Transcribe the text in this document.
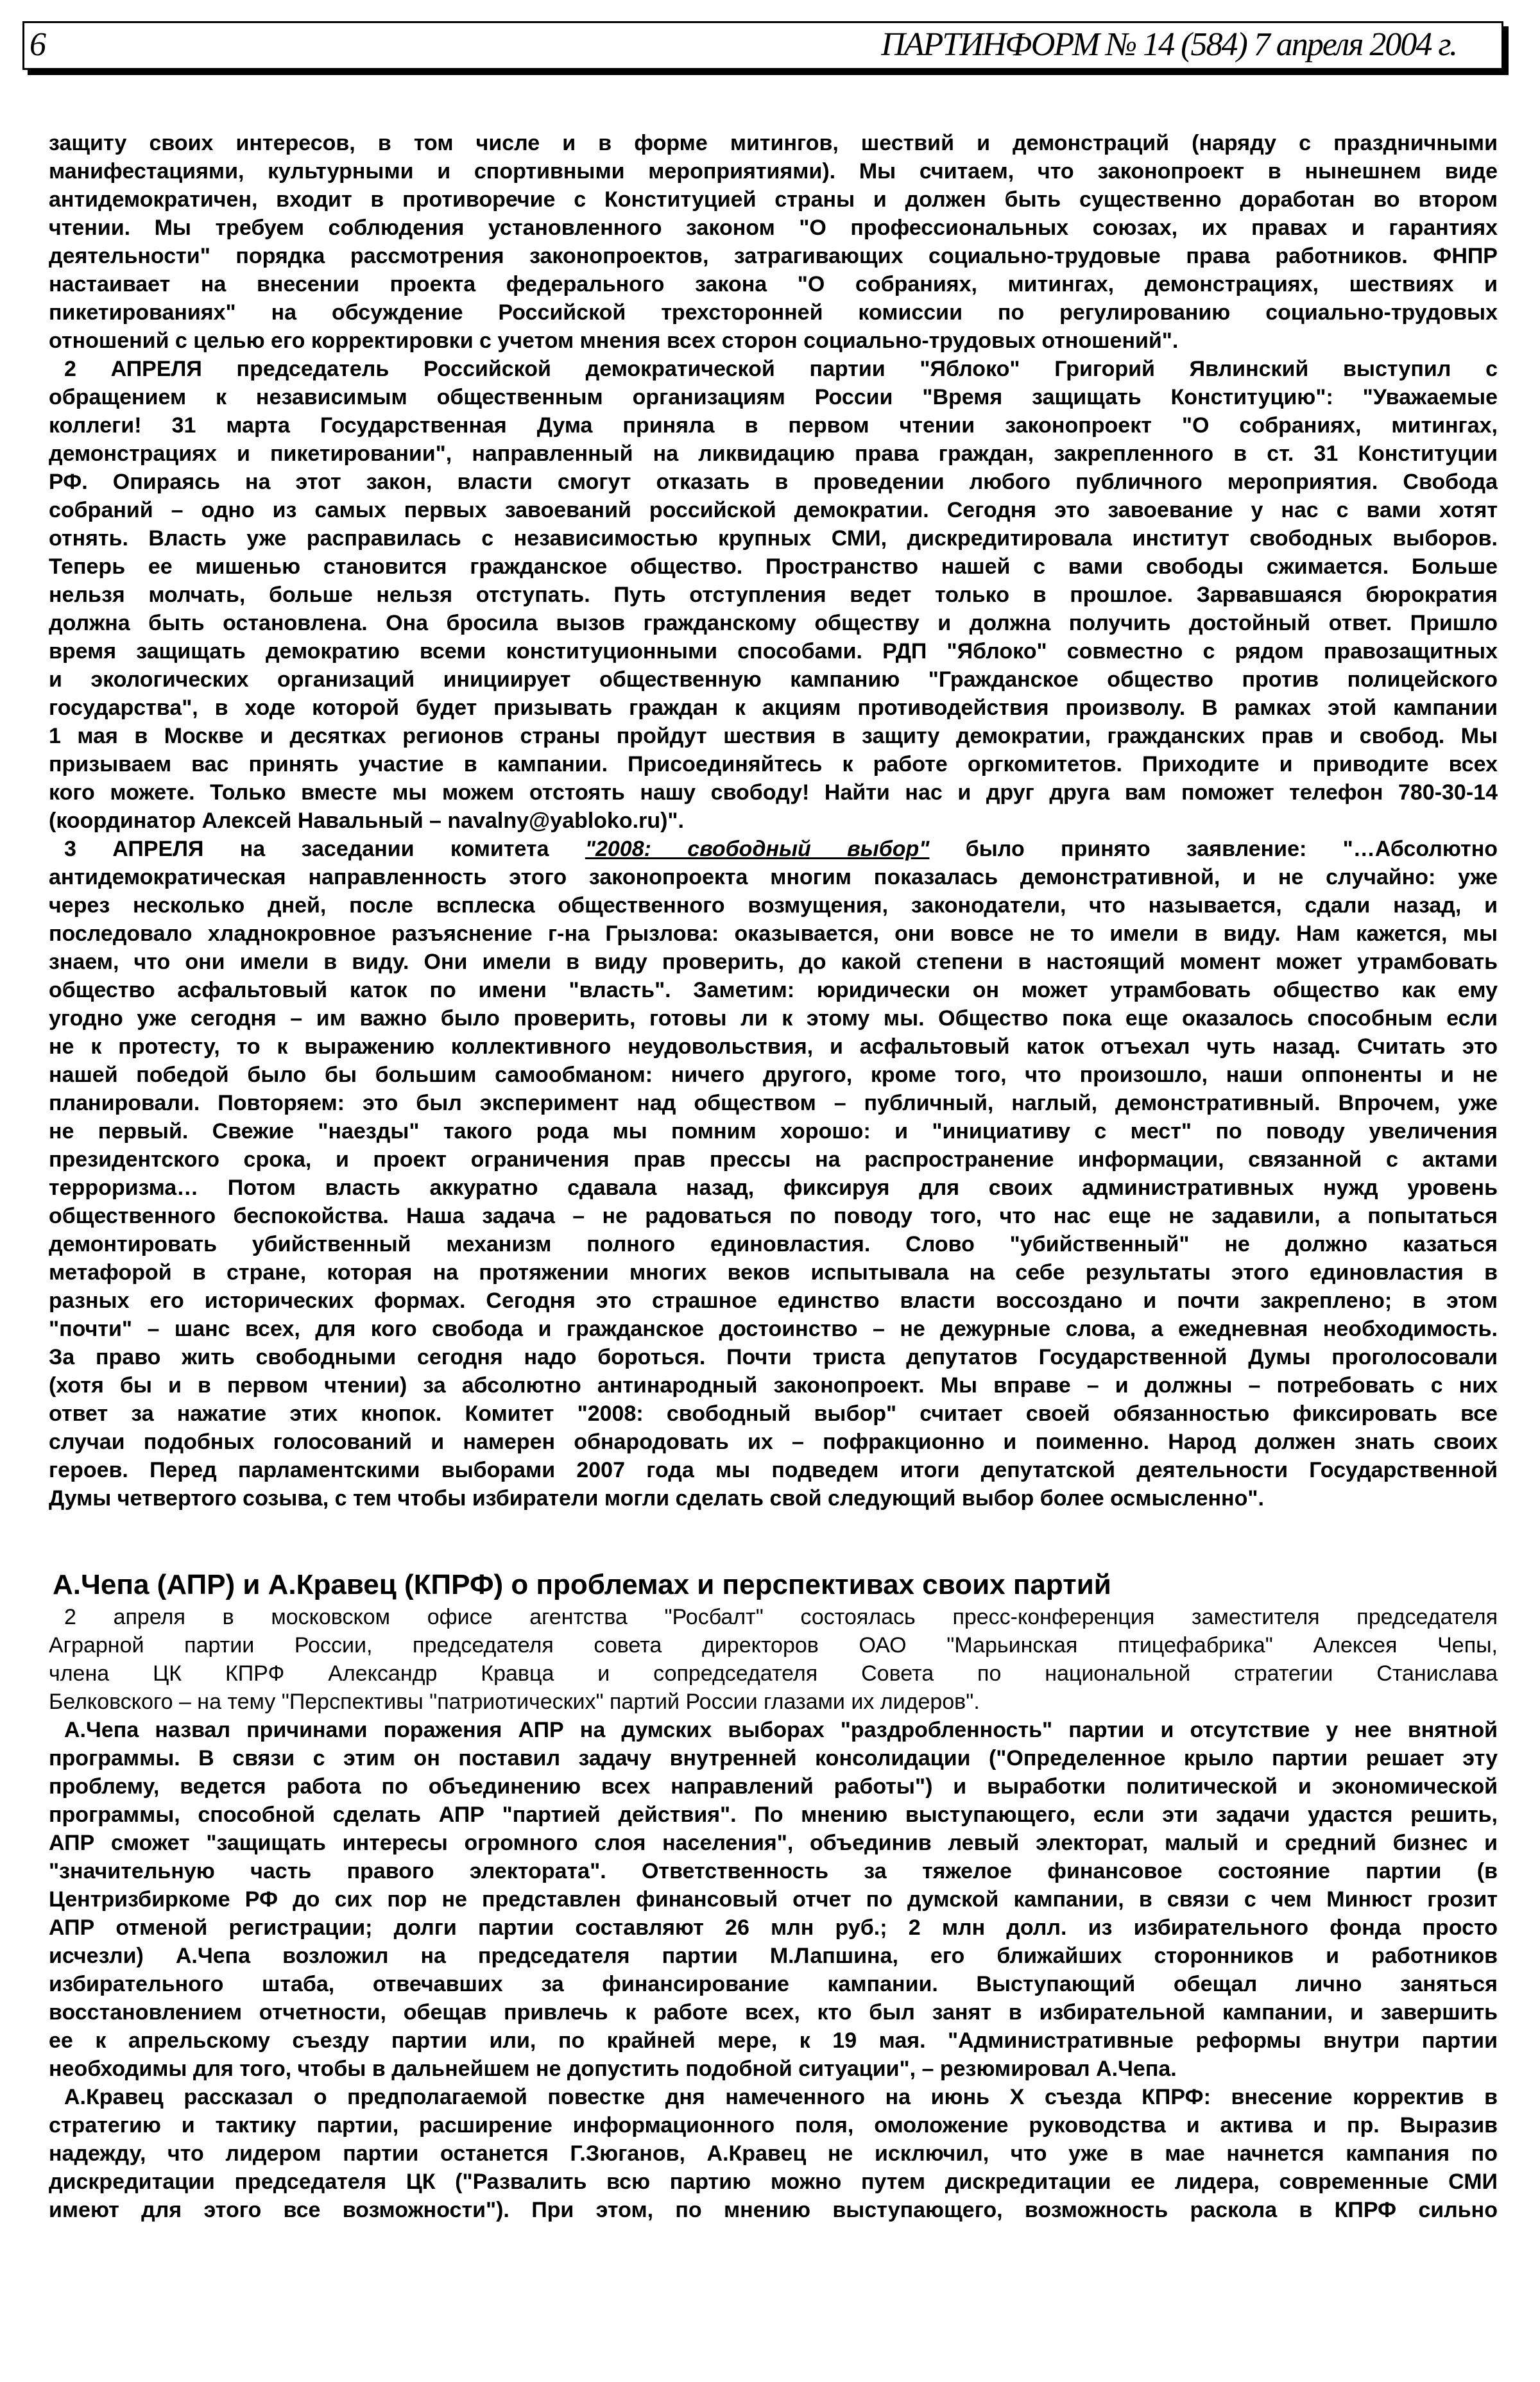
6	ПАРТИНФОРМ № 14 (584) 7 апреля 2004 г.
защиту своих интересов, в том числе и в форме митингов, шествий и демонстраций (наряду с праздничными
манифестациями, культурными и спортивными мероприятиями). Мы считаем, что законопроект в нынешнем виде
антидемократичен, входит в противоречие с Конституцией страны и должен быть существенно доработан во втором
чтении. Мы требуем соблюдения установленного законом "О профессиональных союзах, их правах и гарантиях
деятельности" порядка рассмотрения законопроектов, затрагивающих социально-трудовые права работников. ФНПР
настаивает на внесении проекта федерального закона "О собраниях, митингах, демонстрациях, шествиях и
пикетированиях" на обсуждение Российской трехсторонней комиссии по регулированию социально-трудовых
отношений с целью его корректировки с учетом мнения всех сторон социально-трудовых отношений".
2 АПРЕЛЯ председатель Российской демократической партии "Яблоко" Григорий Явлинский выступил с
обращением к независимым общественным организациям России "Время защищать Конституцию": "Уважаемые
коллеги! 31 марта Государственная Дума приняла в первом чтении законопроект "О собраниях, митингах,
демонстрациях и пикетировании", направленный на ликвидацию права граждан, закрепленного в ст. 31 Конституции
РФ. Опираясь на этот закон, власти смогут отказать в проведении любого публичного мероприятия. Свобода
собраний – одно из самых первых завоеваний российской демократии. Сегодня это завоевание у нас с вами хотят
отнять. Власть уже расправилась с независимостью крупных СМИ, дискредитировала институт свободных выборов.
Теперь ее мишенью становится гражданское общество. Пространство нашей с вами свободы сжимается. Больше
нельзя молчать, больше нельзя отступать. Путь отступления ведет только в прошлое. Зарвавшаяся бюрократия
должна быть остановлена. Она бросила вызов гражданскому обществу и должна получить достойный ответ. Пришло
время защищать демократию всеми конституционными способами. РДП "Яблоко" совместно с рядом правозащитных
и экологических организаций инициирует общественную кампанию "Гражданское общество против полицейского
государства", в ходе которой будет призывать граждан к акциям противодействия произволу. В рамках этой кампании
1 мая в Москве и десятках регионов страны пройдут шествия в защиту демократии, гражданских прав и свобод. Мы
призываем вас принять участие в кампании. Присоединяйтесь к работе оргкомитетов. Приходите и приводите всех
кого можете. Только вместе мы можем отстоять нашу свободу! Найти нас и друг друга вам поможет телефон 780-30-14
(координатор Алексей Навальный – navalny@yabloko.ru)".
3 АПРЕЛЯ на заседании комитета "2008: свободный выбор" было принято заявление: "…Абсолютно
антидемократическая направленность этого законопроекта многим показалась демонстративной, и не случайно: уже
через несколько дней, после всплеска общественного возмущения, законодатели, что называется, сдали назад, и
последовало хладнокровное разъяснение г-на Грызлова: оказывается, они вовсе не то имели в виду. Нам кажется, мы
знаем, что они имели в виду. Они имели в виду проверить, до какой степени в настоящий момент может утрамбовать
общество асфальтовый каток по имени "власть". Заметим: юридически он может утрамбовать общество как ему
угодно уже сегодня – им важно было проверить, готовы ли к этому мы. Общество пока еще оказалось способным если
не к протесту, то к выражению коллективного неудовольствия, и асфальтовый каток отъехал чуть назад. Считать это
нашей победой было бы большим самообманом: ничего другого, кроме того, что произошло, наши оппоненты и не
планировали. Повторяем: это был эксперимент над обществом – публичный, наглый, демонстративный. Впрочем, уже
не первый. Свежие "наезды" такого рода мы помним хорошо: и "инициативу с мест" по поводу увеличения
президентского срока, и проект ограничения прав прессы на распространение информации, связанной с актами
терроризма… Потом власть аккуратно сдавала назад, фиксируя для своих административных нужд уровень
общественного беспокойства. Наша задача – не радоваться по поводу того, что нас еще не задавили, а попытаться
демонтировать убийственный механизм полного единовластия. Слово "убийственный" не должно казаться
метафорой в стране, которая на протяжении многих веков испытывала на себе результаты этого единовластия в
разных его исторических формах. Сегодня это страшное единство власти воссоздано и почти закреплено; в этом
"почти" – шанс всех, для кого свобода и гражданское достоинство – не дежурные слова, а ежедневная необходимость.
За право жить свободными сегодня надо бороться. Почти триста депутатов Государственной Думы проголосовали
(хотя бы и в первом чтении) за абсолютно антинародный законопроект. Мы вправе – и должны – потребовать с них
ответ за нажатие этих кнопок. Комитет "2008: свободный выбор" считает своей обязанностью фиксировать все
случаи подобных голосований и намерен обнародовать их – пофракционно и поименно. Народ должен знать своих
героев. Перед парламентскими выборами 2007 года мы подведем итоги депутатской деятельности Государственной
Думы четвертого созыва, с тем чтобы избиратели могли сделать свой следующий выбор более осмысленно".
А.Чепа (АПР) и А.Кравец (КПРФ) о проблемах и перспективах своих партий
2 апреля в московском офисе агентства "Росбалт" состоялась пресс-конференция заместителя председателя
Аграрной партии России, председателя совета директоров ОАО "Марьинская птицефабрика" Алексея Чепы,
члена ЦК КПРФ Александр Кравца и сопредседателя Совета по национальной стратегии Станислава
Белковского – на тему "Перспективы "патриотических" партий России глазами их лидеров".
А.Чепа назвал причинами поражения АПР на думских выборах "раздробленность" партии и отсутствие у нее внятной
программы. В связи с этим он поставил задачу внутренней консолидации ("Определенное крыло партии решает эту
проблему, ведется работа по объединению всех направлений работы") и выработки политической и экономической
программы, способной сделать АПР "партией действия". По мнению выступающего, если эти задачи удастся решить,
АПР сможет "защищать интересы огромного слоя населения", объединив левый электорат, малый и средний бизнес и
"значительную часть правого электората". Ответственность за тяжелое финансовое состояние партии (в
Центризбиркоме РФ до сих пор не представлен финансовый отчет по думской кампании, в связи с чем Минюст грозит
АПР отменой регистрации; долги партии составляют 26 млн руб.; 2 млн долл. из избирательного фонда просто
исчезли) А.Чепа возложил на председателя партии М.Лапшина, его ближайших сторонников и работников
избирательного штаба, отвечавших за финансирование кампании. Выступающий обещал лично заняться
восстановлением отчетности, обещав привлечь к работе всех, кто был занят в избирательной кампании, и завершить
ее к апрельскому съезду партии или, по крайней мере, к 19 мая. "Административные реформы внутри партии
необходимы для того, чтобы в дальнейшем не допустить подобной ситуации", – резюмировал А.Чепа.
А.Кравец рассказал о предполагаемой повестке дня намеченного на июнь Х съезда КПРФ: внесение корректив в
стратегию и тактику партии, расширение информационного поля, омоложение руководства и актива и пр. Выразив
надежду, что лидером партии останется Г.Зюганов, А.Кравец не исключил, что уже в мае начнется кампания по
дискредитации председателя ЦК ("Развалить всю партию можно путем дискредитации ее лидера, современные СМИ
имеют для этого все возможности"). При этом, по мнению выступающего, возможность раскола в КПРФ сильно
